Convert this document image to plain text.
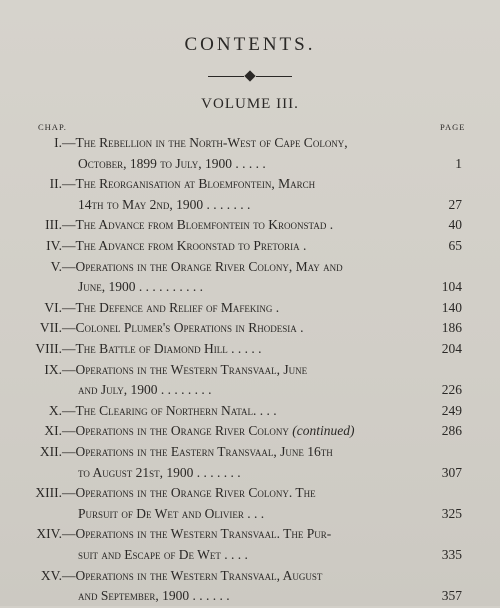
CONTENTS.
VOLUME III.
CHAP.	PAGE
I. —The Rebellion in the North-West of Cape Colony,
October, 1899 to July, 1900 . . . . .	1
II. —The Reorganisation at Bloemfontein, March
14th to May 2nd, 1900 . . . . . . .	27
III. —The Advance from Bloemfontein to Kroonstad .	40
IV. —The Advance from Kroonstad to Pretoria .	65
V. —Operations in the Orange River Colony, May and
June, 1900 . . . . . . . . . .	104
VI. —The Defence and Relief of Mafeking .	140
VII. —Colonel Plumer's Operations in Rhodesia .	186
VIII. —The Battle of Diamond Hill . . . . .	204
IX. —Operations in the Western Transvaal, June
and July, 1900 . . . . . . . .	226
X. —The Clearing of Northern Natal. . . .	249
XI. —Operations in the Orange River Colony (continued)	286
XII. —Operations in the Eastern Transvaal, June 16th
to August 21st, 1900 . . . . . . .	307
XIII. —Operations in the Orange River Colony. The
Pursuit of De Wet and Olivier . . .	325
XIV. —Operations in the Western Transvaal. The Pur-
suit and Escape of De Wet . . . .	335
XV. —Operations in the Western Transvaal, August
and September, 1900 . . . . . .	357
